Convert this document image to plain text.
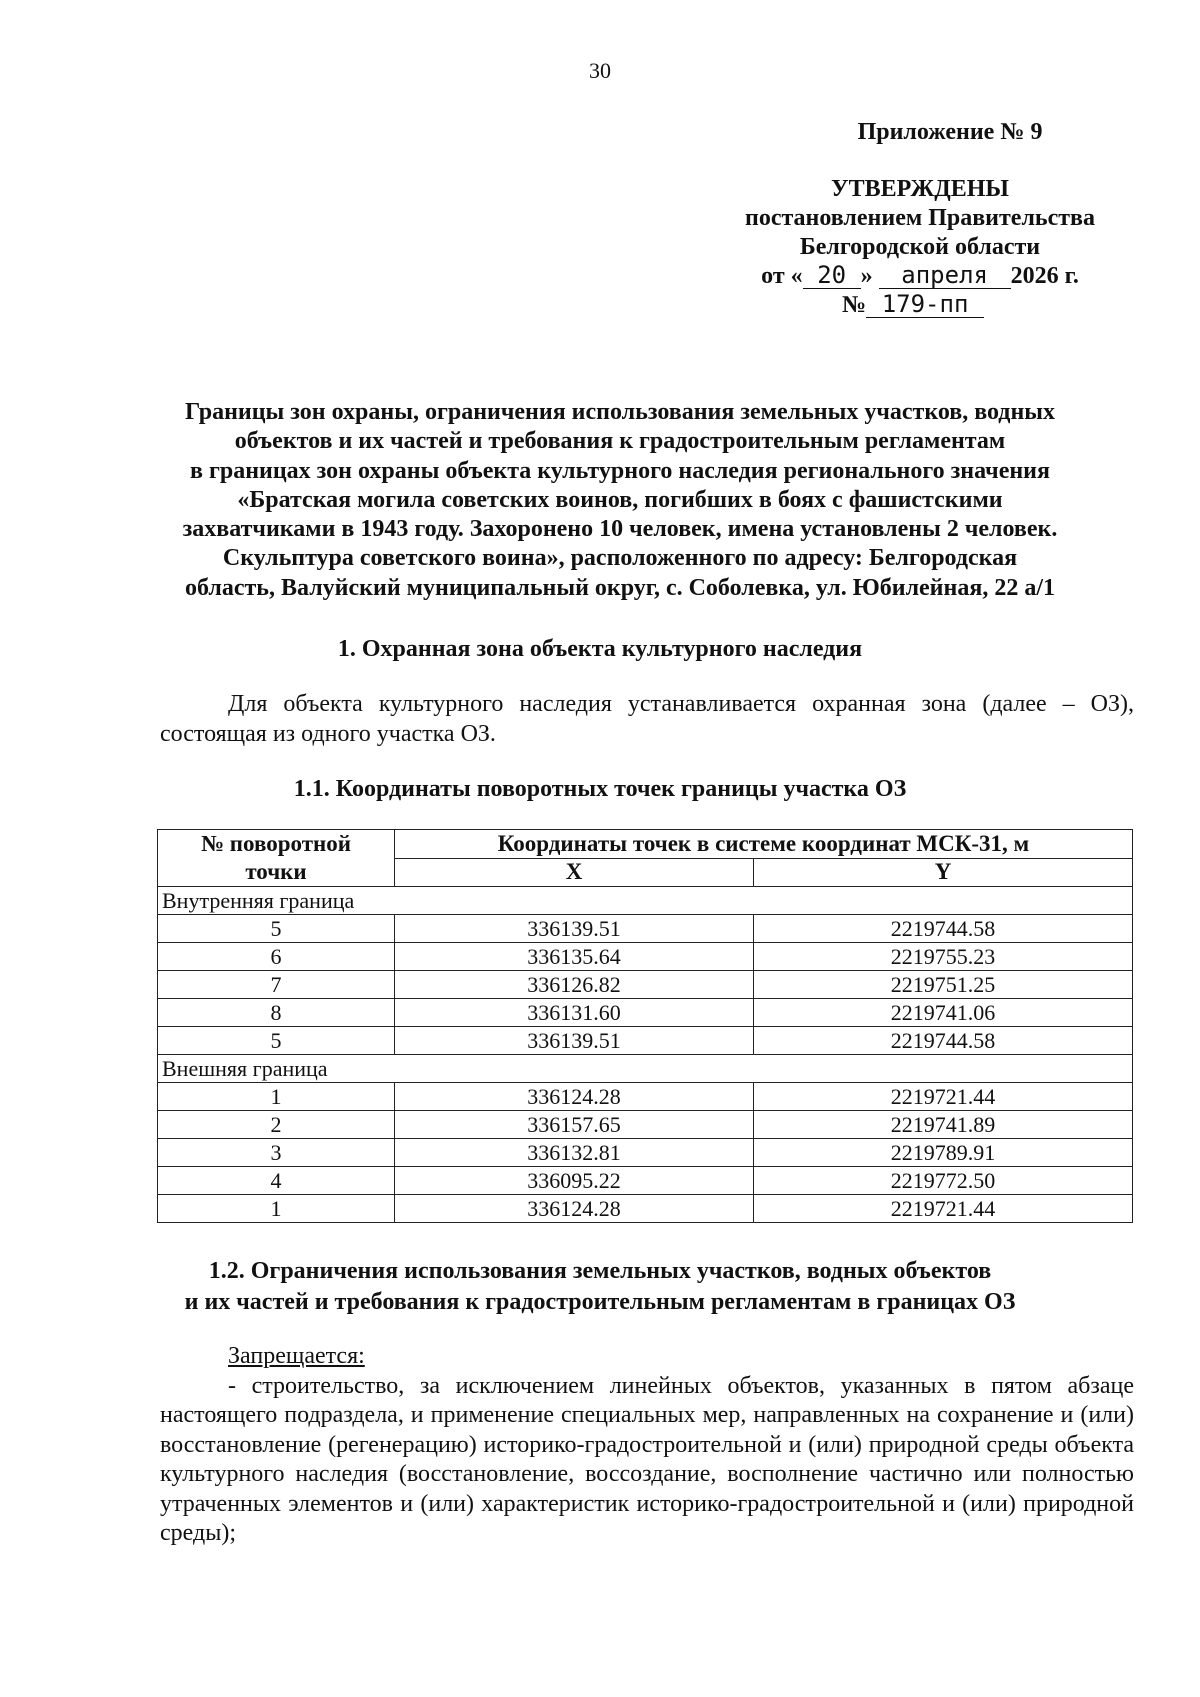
30
Приложение № 9
УТВЕРЖДЕНЫ
постановлением Правительства
Белгородской области
от « 20 » апреля 2026 г.
№ 179-пп
Границы зон охраны, ограничения использования земельных участков, водных
объектов и их частей и требования к градостроительным регламентам
в границах зон охраны объекта культурного наследия регионального значения
«Братская могила советских воинов, погибших в боях с фашистскими
захватчиками в 1943 году. Захоронено 10 человек, имена установлены 2 человек.
Скульптура советского воина», расположенного по адресу: Белгородская
область, Валуйский муниципальный округ, с. Соболевка, ул. Юбилейная, 22 а/1
1. Охранная зона объекта культурного наследия
Для объекта культурного наследия устанавливается охранная зона (далее – ОЗ), состоящая из одного участка ОЗ.
1.1. Координаты поворотных точек границы участка ОЗ
№ поворотной
точки	Координаты точек в системе координат МСК-31, м	
	X	Y
Внутренняя граница		
5	336139.51	2219744.58
6	336135.64	2219755.23
7	336126.82	2219751.25
8	336131.60	2219741.06
5	336139.51	2219744.58
Внешняя граница		
1	336124.28	2219721.44
2	336157.65	2219741.89
3	336132.81	2219789.91
4	336095.22	2219772.50
1	336124.28	2219721.44
1.2. Ограничения использования земельных участков, водных объектов
и их частей и требования к градостроительным регламентам в границах ОЗ
Запрещается:
- строительство, за исключением линейных объектов, указанных в пятом абзаце настоящего подраздела, и применение специальных мер, направленных на сохранение и (или) восстановление (регенерацию) историко-градостроительной и (или) природной среды объекта культурного наследия (восстановление, воссоздание, восполнение частично или полностью утраченных элементов и (или) характеристик историко-градостроительной и (или) природной среды);
